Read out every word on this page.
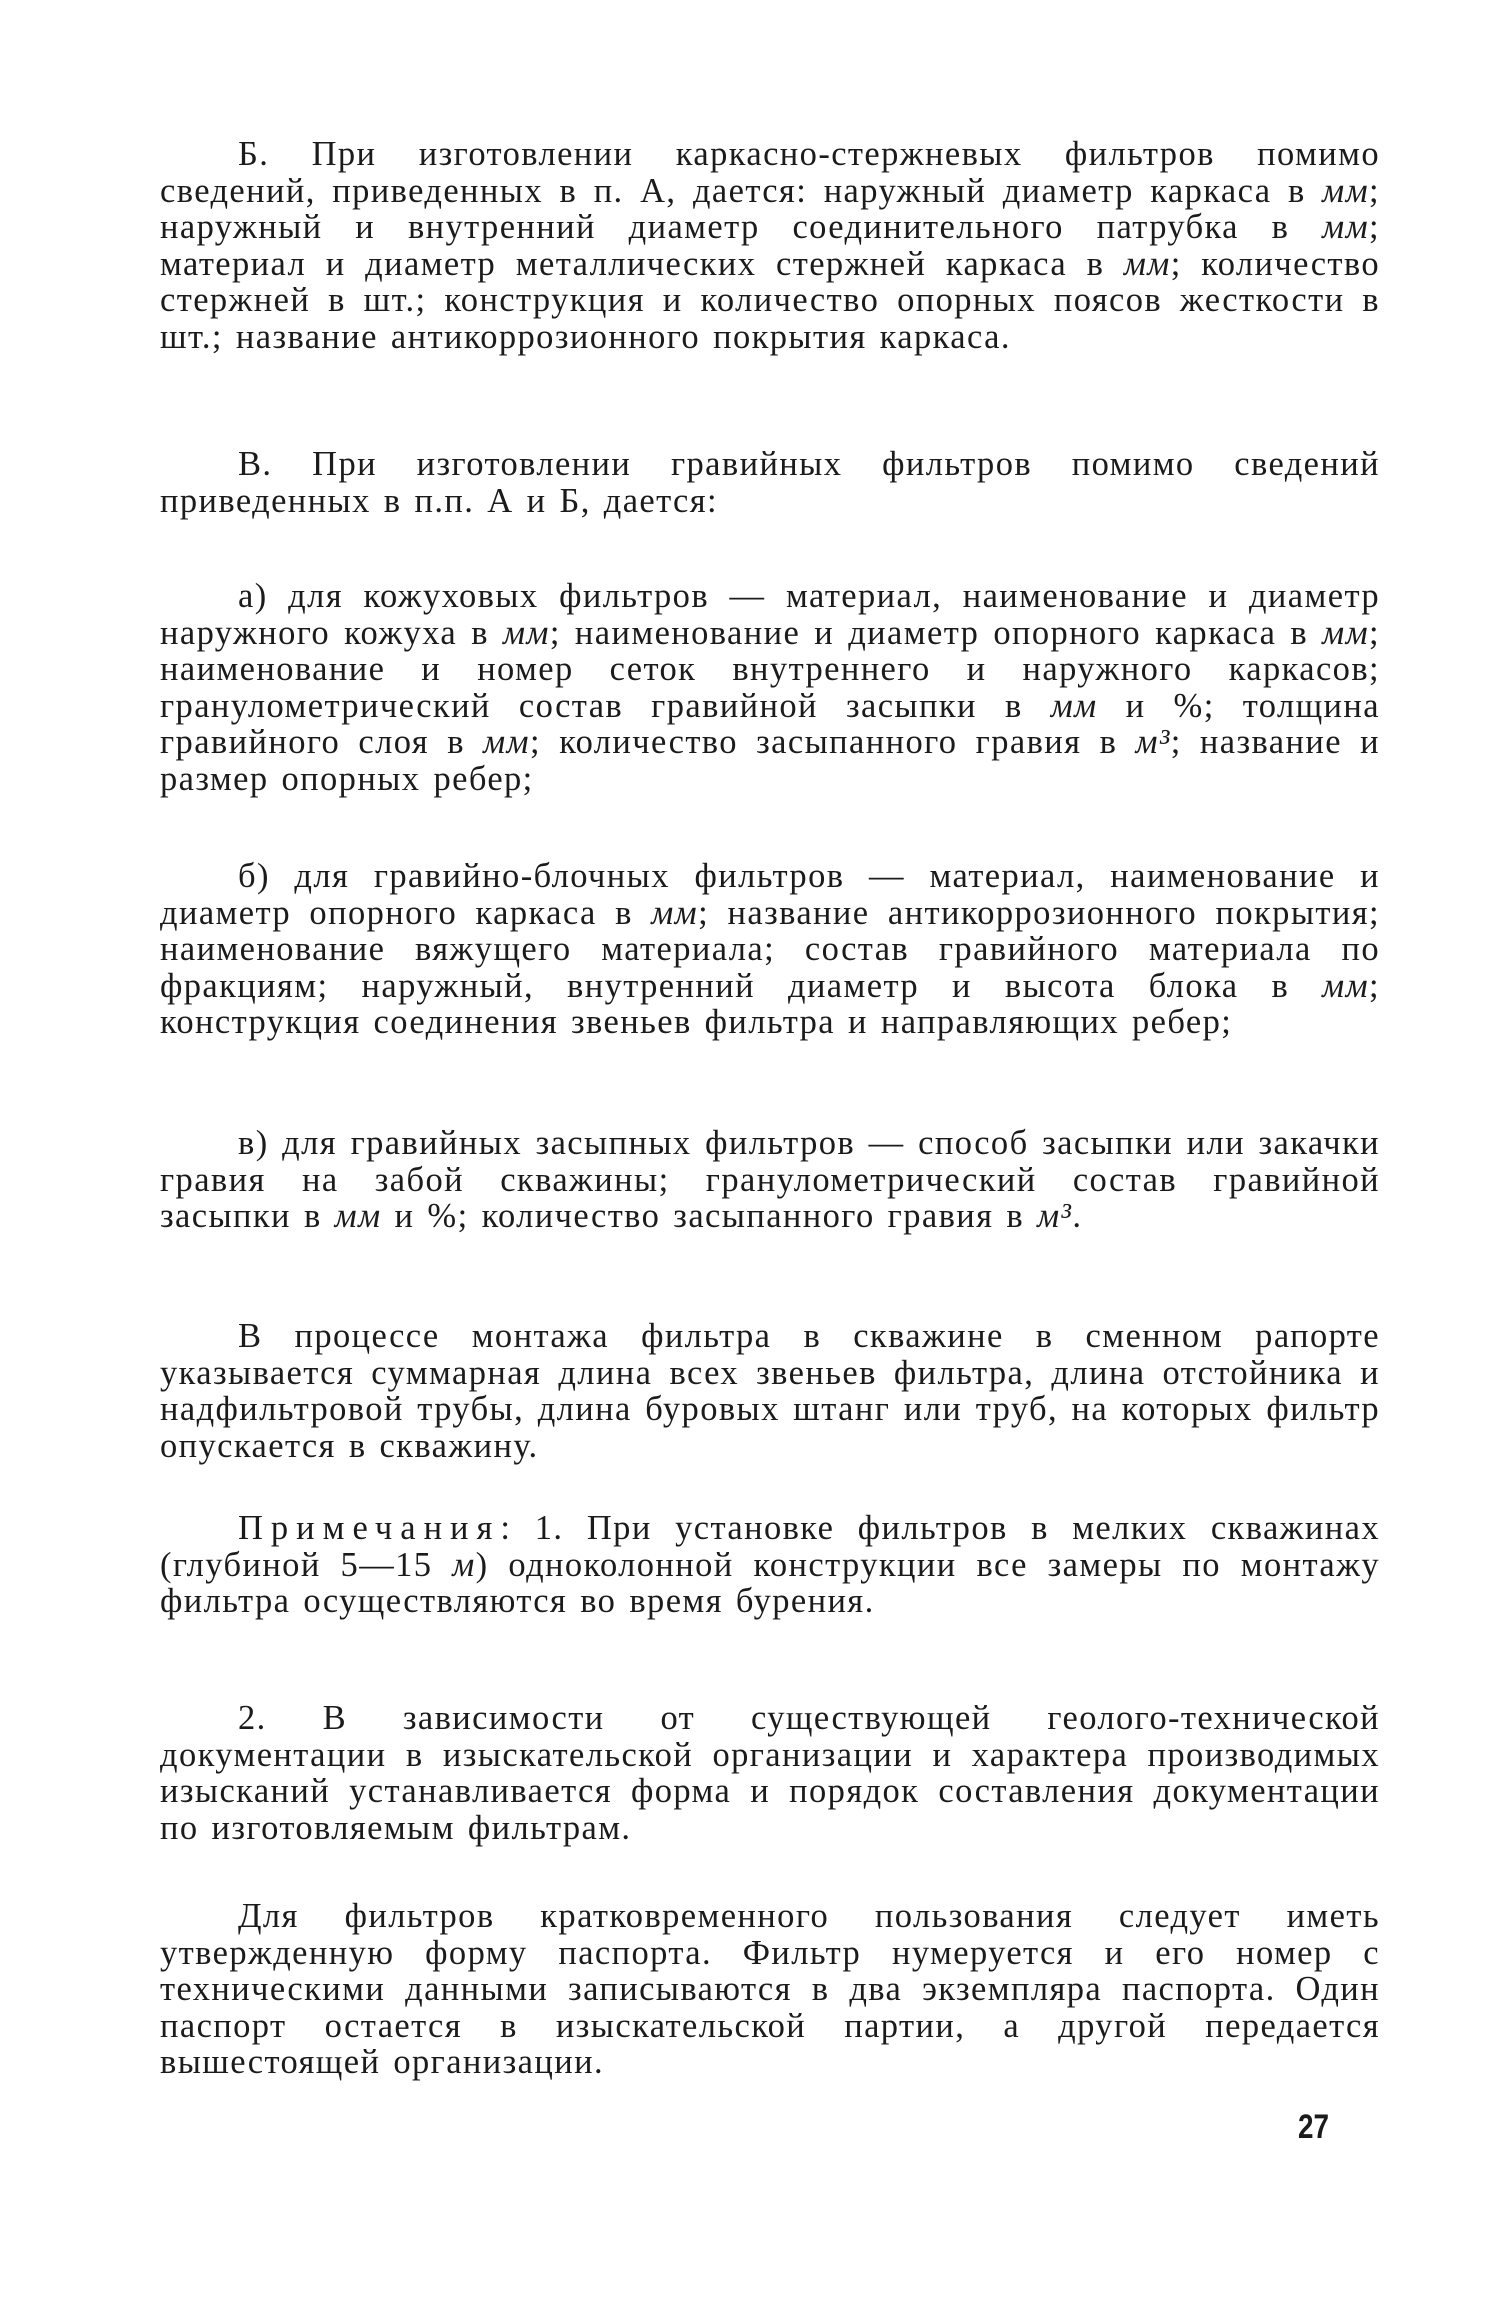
Б. При изготовлении каркасно-стержневых фильтров помимо сведений, приведенных в п. А, дается: наружный диаметр каркаса в мм; наружный и внутренний диаметр соединительного патрубка в мм; материал и диаметр металлических стержней каркаса в мм; количество стержней в шт.; конструкция и количество опорных поясов жесткости в шт.; название антикоррозионного покрытия каркаса.

В. При изготовлении гравийных фильтров помимо сведений приведенных в п.п. А и Б, дается:

а) для кожуховых фильтров — материал, наименование и диаметр наружного кожуха в мм; наименование и диаметр опорного каркаса в мм; наименование и номер сеток внутреннего и наружного каркасов; гранулометрический состав гравийной засыпки в мм и %; толщина гравийного слоя в мм; количество засыпанного гравия в м³; название и размер опорных ребер;

б) для гравийно-блочных фильтров — материал, наименование и диаметр опорного каркаса в мм; название антикоррозионного покрытия; наименование вяжущего материала; состав гравийного материала по фракциям; наружный, внутренний диаметр и высота блока в мм; конструкция соединения звеньев фильтра и направляющих ребер;

в) для гравийных засыпных фильтров — способ засыпки или закачки гравия на забой скважины; гранулометрический состав гравийной засыпки в мм и %; количество засыпанного гравия в м³.

В процессе монтажа фильтра в скважине в сменном рапорте указывается суммарная длина всех звеньев фильтра, длина отстойника и надфильтровой трубы, длина буровых штанг или труб, на которых фильтр опускается в скважину.

Примечания: 1. При установке фильтров в мелких скважинах (глубиной 5—15 м) одноколонной конструкции все замеры по монтажу фильтра осуществляются во время бурения.

2. В зависимости от существующей геолого-технической документации в изыскательской организации и характера производимых изысканий устанавливается форма и порядок составления документации по изготовляемым фильтрам.

Для фильтров кратковременного пользования следует иметь утвержденную форму паспорта. Фильтр нумеруется и его номер с техническими данными записываются в два экземпляра паспорта. Один паспорт остается в изыскательской партии, а другой передается вышестоящей организации.

27
